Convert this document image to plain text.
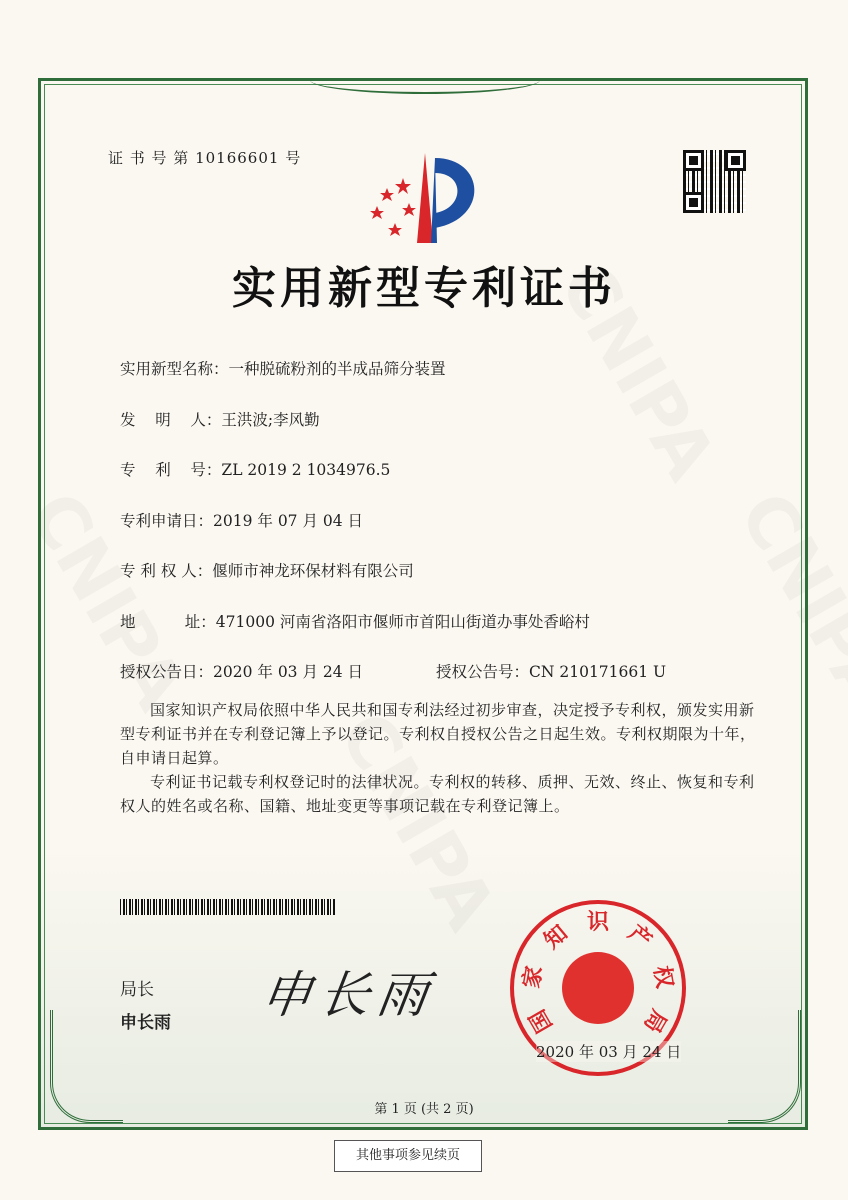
证 书 号 第 10166601 号
实用新型专利证书
实用新型名称：一种脱硫粉剂的半成品筛分装置
发    明    人：王洪波;李风勤
专    利    号：ZL 2019 2 1034976.5
专利申请日：2019 年 07 月 04 日
专 利 权 人：偃师市神龙环保材料有限公司
地          址：471000 河南省洛阳市偃师市首阳山街道办事处香峪村
授权公告日：2020 年 03 月 24 日	授权公告号：CN 210171661 U
国家知识产权局依照中华人民共和国专利法经过初步审查，决定授予专利权，颁发实用新型专利证书并在专利登记簿上予以登记。专利权自授权公告之日起生效。专利权期限为十年，自申请日起算。
专利证书记载专利权登记时的法律状况。专利权的转移、质押、无效、终止、恢复和专利权人的姓名或名称、国籍、地址变更等事项记载在专利登记簿上。
局长
申长雨 申长雨	国
家
知 识 产
权
局
2020 年 03 月 24 日
第 1 页 (共 2 页)
其他事项参见续页
